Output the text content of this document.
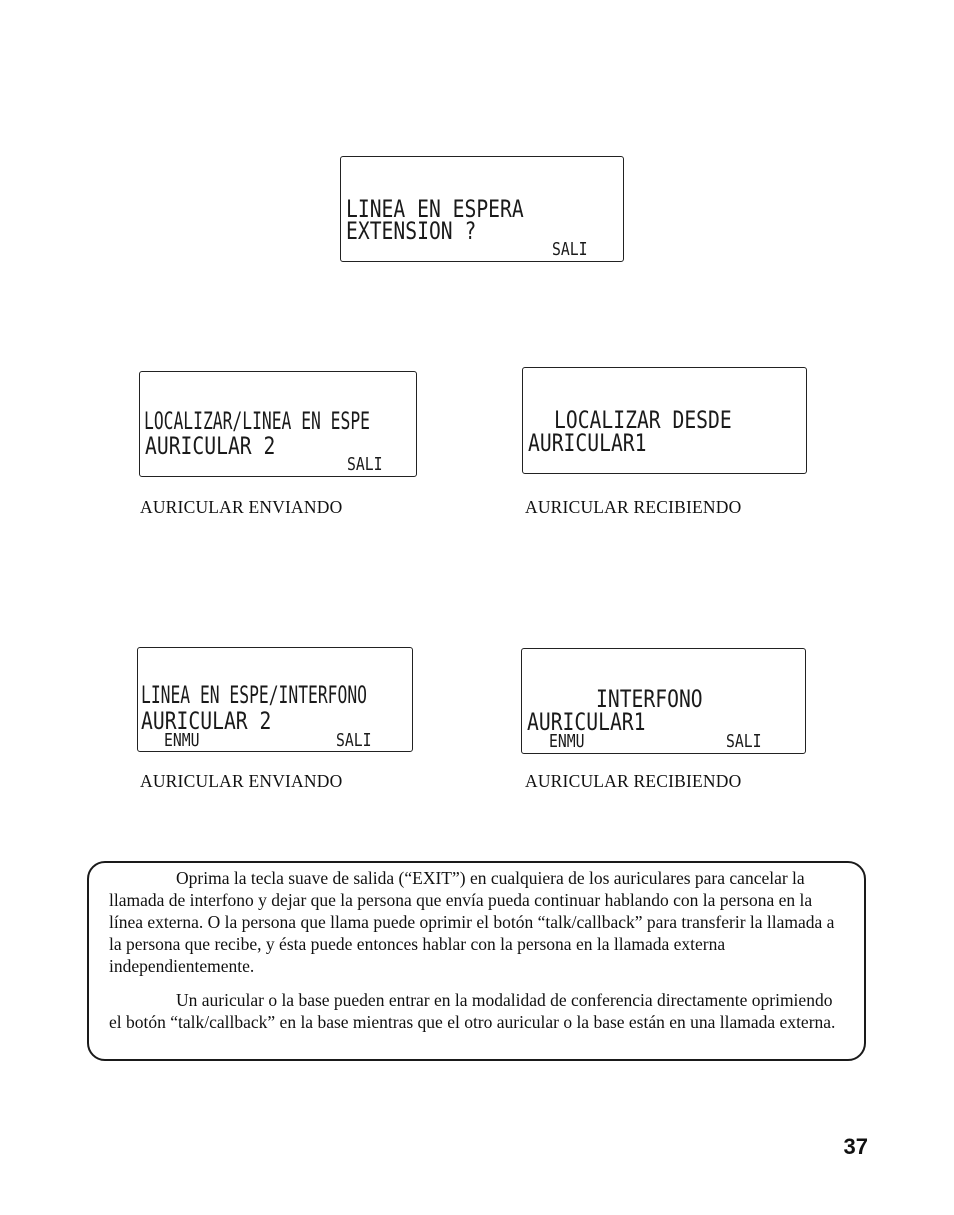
LINEA EN ESPERA
EXTENSION ?
SALI
LOCALIZAR/LINEA EN ESPE
AURICULAR 2
SALI
AURICULAR ENVIANDO
LOCALIZAR DESDE
AURICULAR1
AURICULAR RECIBIENDO
LINEA EN ESPE/INTERFONO
AURICULAR 2
ENMU	SALI
AURICULAR ENVIANDO
INTERFONO
AURICULAR1
ENMU	SALI
AURICULAR RECIBIENDO

Oprima la tecla suave de salida (“EXIT”) en cualquiera de los auriculares para cancelar la llamada de interfono y dejar que la persona que envía pueda continuar hablando con la persona en la línea externa. O la persona que llama puede oprimir el botón “talk/callback” para transferir la llamada a la persona que recibe, y ésta puede entonces hablar con la persona en la llamada externa independientemente.

Un auricular o la base pueden entrar en la modalidad de conferencia directamente oprimiendo el botón “talk/callback” en la base mientras que el otro auricular o la base están en una llamada externa.

37
